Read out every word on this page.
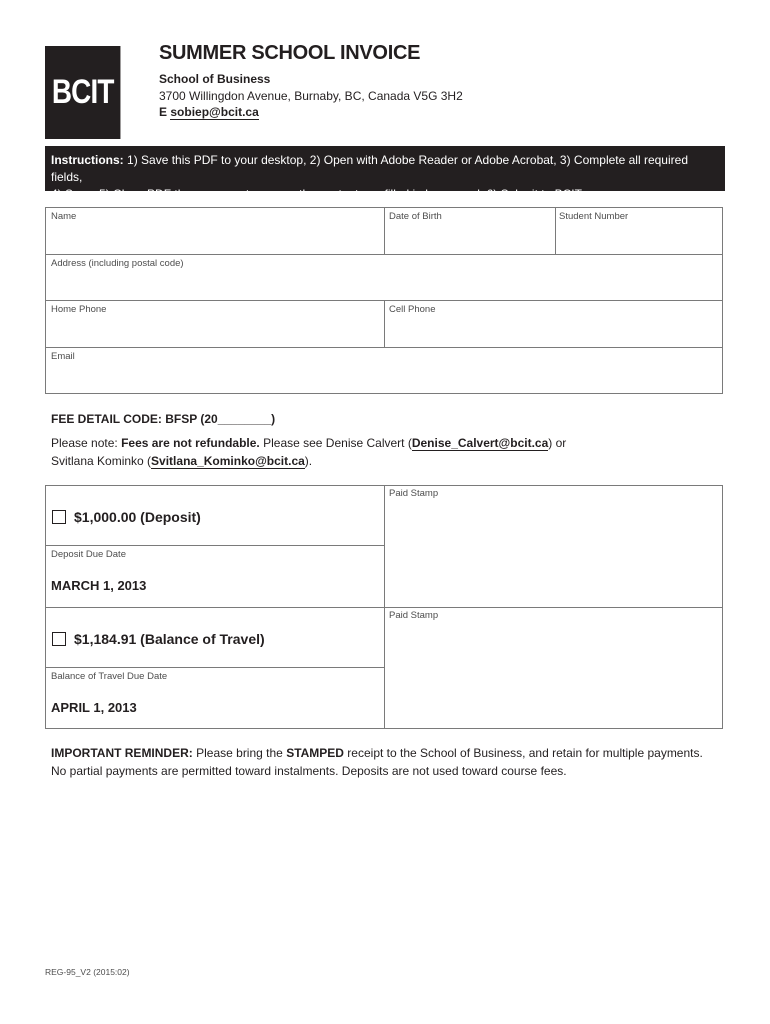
BCIT
SUMMER SCHOOL INVOICE
School of Business
3700 Willingdon Avenue, Burnaby, BC, Canada V5G 3H2
E sobiep@bcit.ca
Instructions: 1) Save this PDF to your desktop, 2) Open with Adobe Reader or Adobe Acrobat, 3) Complete all required fields,
4) Save, 5) Close PDF then re-open to ensure the content you filled in has saved, 6) Submit to BCIT.
Name	Date of Birth	Student Number
Address (including postal code)
Home Phone	Cell Phone
Email
FEE DETAIL CODE: BFSP (20________)
Please note: Fees are not refundable. Please see Denise Calvert (Denise_Calvert@bcit.ca) or
Svitlana Kominko (Svitlana_Kominko@bcit.ca).
$1,000.00 (Deposit)
Deposit Due Date
MARCH 1, 2013
Paid Stamp
$1,184.91 (Balance of Travel)
Balance of Travel Due Date
APRIL 1, 2013
Paid Stamp
IMPORTANT REMINDER: Please bring the STAMPED receipt to the School of Business, and retain for multiple payments. No partial payments are permitted toward instalments. Deposits are not used toward course fees.
REG-95_V2 (2015:02)
